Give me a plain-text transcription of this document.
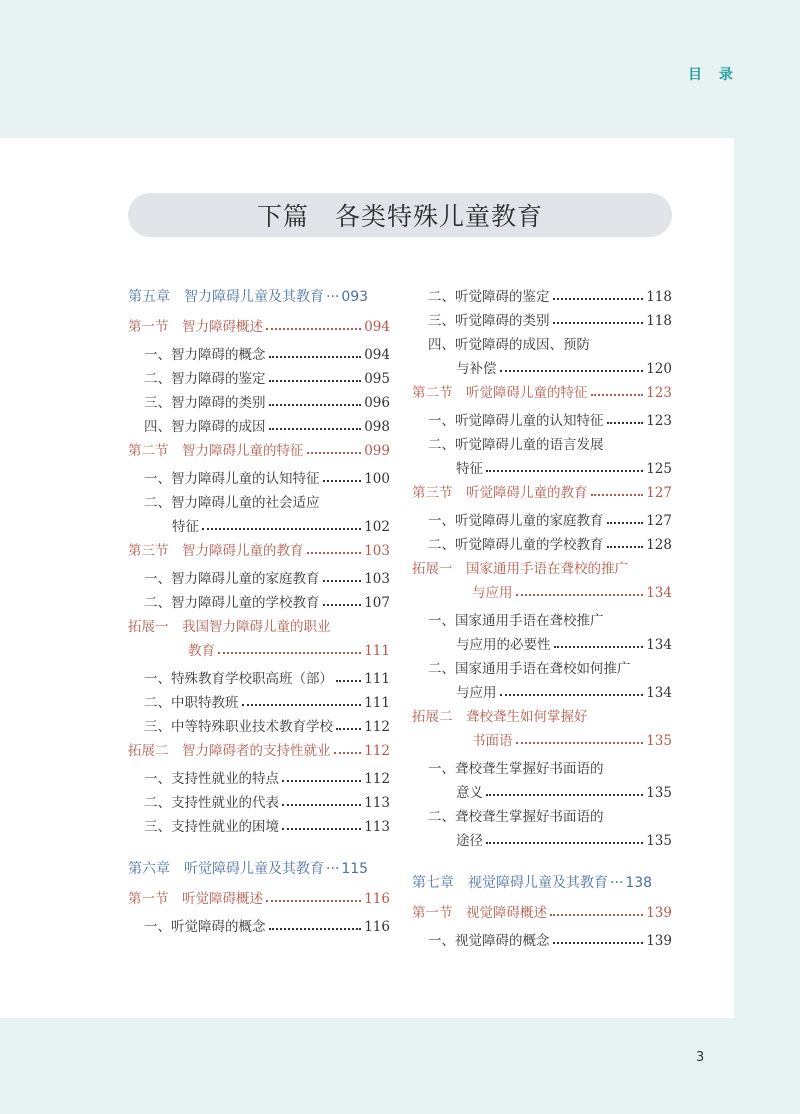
目 录
下篇　各类特殊儿童教育
第五章　智力障碍儿童及其教育 ··· 093
第一节　智力障碍概述	094
一、智力障碍的概念	094
二、智力障碍的鉴定	095
三、智力障碍的类别	096
四、智力障碍的成因	098
第二节　智力障碍儿童的特征	099
一、智力障碍儿童的认知特征	100
二、智力障碍儿童的社会适应
特征	102
第三节　智力障碍儿童的教育	103
一、智力障碍儿童的家庭教育	103
二、智力障碍儿童的学校教育	107
拓展一　我国智力障碍儿童的职业
教育	111
一、特殊教育学校职高班（部） 111
二、中职特教班	111
三、中等特殊职业技术教育学校 112
拓展二　智力障碍者的支持性就业 112
一、支持性就业的特点	112
二、支持性就业的代表	113
三、支持性就业的困境	113
第六章　听觉障碍儿童及其教育 ··· 115
第一节　听觉障碍概述	116
一、听觉障碍的概念	116
二、听觉障碍的鉴定	118
三、听觉障碍的类别	118
四、听觉障碍的成因、预防
与补偿	120
第二节　听觉障碍儿童的特征	123
一、听觉障碍儿童的认知特征	123
二、听觉障碍儿童的语言发展
特征	125
第三节　听觉障碍儿童的教育	127
一、听觉障碍儿童的家庭教育	127
二、听觉障碍儿童的学校教育	128
拓展一　国家通用手语在聋校的推广
与应用	134
一、国家通用手语在聋校推广
与应用的必要性	134
二、国家通用手语在聋校如何推广
与应用	134
拓展二　聋校聋生如何掌握好
书面语	135
一、聋校聋生掌握好书面语的
意义	135
二、聋校聋生掌握好书面语的
途径	135
第七章　视觉障碍儿童及其教育 ··· 138
第一节　视觉障碍概述	139
一、视觉障碍的概念	139
3
